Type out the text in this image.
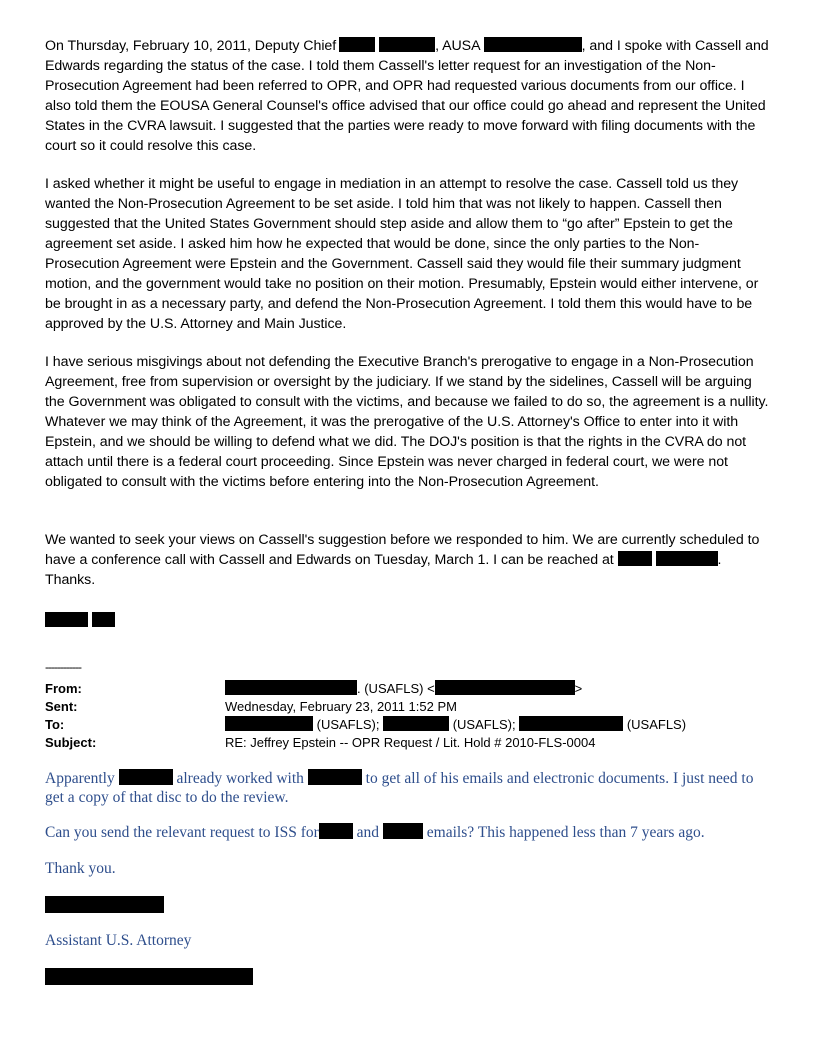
On Thursday, February 10, 2011, Deputy Chief	, AUSA	, and I spoke with Cassell and Edwards regarding the status of the case. I told them Cassell's letter request for an investigation of the Non-Prosecution Agreement had been referred to OPR, and OPR had requested various documents from our office. I also told them the EOUSA General Counsel's office advised that our office could go ahead and represent the United States in the CVRA lawsuit. I suggested that the parties were ready to move forward with filing documents with the court so it could resolve this case.

I asked whether it might be useful to engage in mediation in an attempt to resolve the case. Cassell told us they wanted the Non-Prosecution Agreement to be set aside. I told him that was not likely to happen. Cassell then suggested that the United States Government should step aside and allow them to “go after” Epstein to get the agreement set aside. I asked him how he expected that would be done, since the only parties to the Non-Prosecution Agreement were Epstein and the Government. Cassell said they would file their summary judgment motion, and the government would take no position on their motion. Presumably, Epstein would either intervene, or be brought in as a necessary party, and defend the Non-Prosecution Agreement. I told them this would have to be approved by the U.S. Attorney and Main Justice.

I have serious misgivings about not defending the Executive Branch's prerogative to engage in a Non-Prosecution Agreement, free from supervision or oversight by the judiciary. If we stand by the sidelines, Cassell will be arguing the Government was obligated to consult with the victims, and because we failed to do so, the agreement is a nullity. Whatever we may think of the Agreement, it was the prerogative of the U.S. Attorney's Office to enter into it with Epstein, and we should be willing to defend what we did. The DOJ's position is that the rights in the CVRA do not attach until there is a federal court proceeding. Since Epstein was never charged in federal court, we were not obligated to consult with the victims before entering into the Non-Prosecution Agreement.

We wanted to seek your views on Cassell's suggestion before we responded to him. We are currently scheduled to have a conference call with Cassell and Edwards on Tuesday, March 1. I can be reached at	. Thanks.

------------
From:	. (USAFLS) <	>
Sent:	Wednesday, February 23, 2011 1:52 PM
To:	(USAFLS);	(USAFLS);	(USAFLS)
Subject:	RE: Jeffrey Epstein -- OPR Request / Lit. Hold # 2010-FLS-0004

Apparently	already worked with	to get all of his emails and electronic documents. I just need to get a copy of that disc to do the review.

Can you send the relevant request to ISS for and	emails? This happened less than 7 years ago.

Thank you.

Assistant U.S. Attorney
